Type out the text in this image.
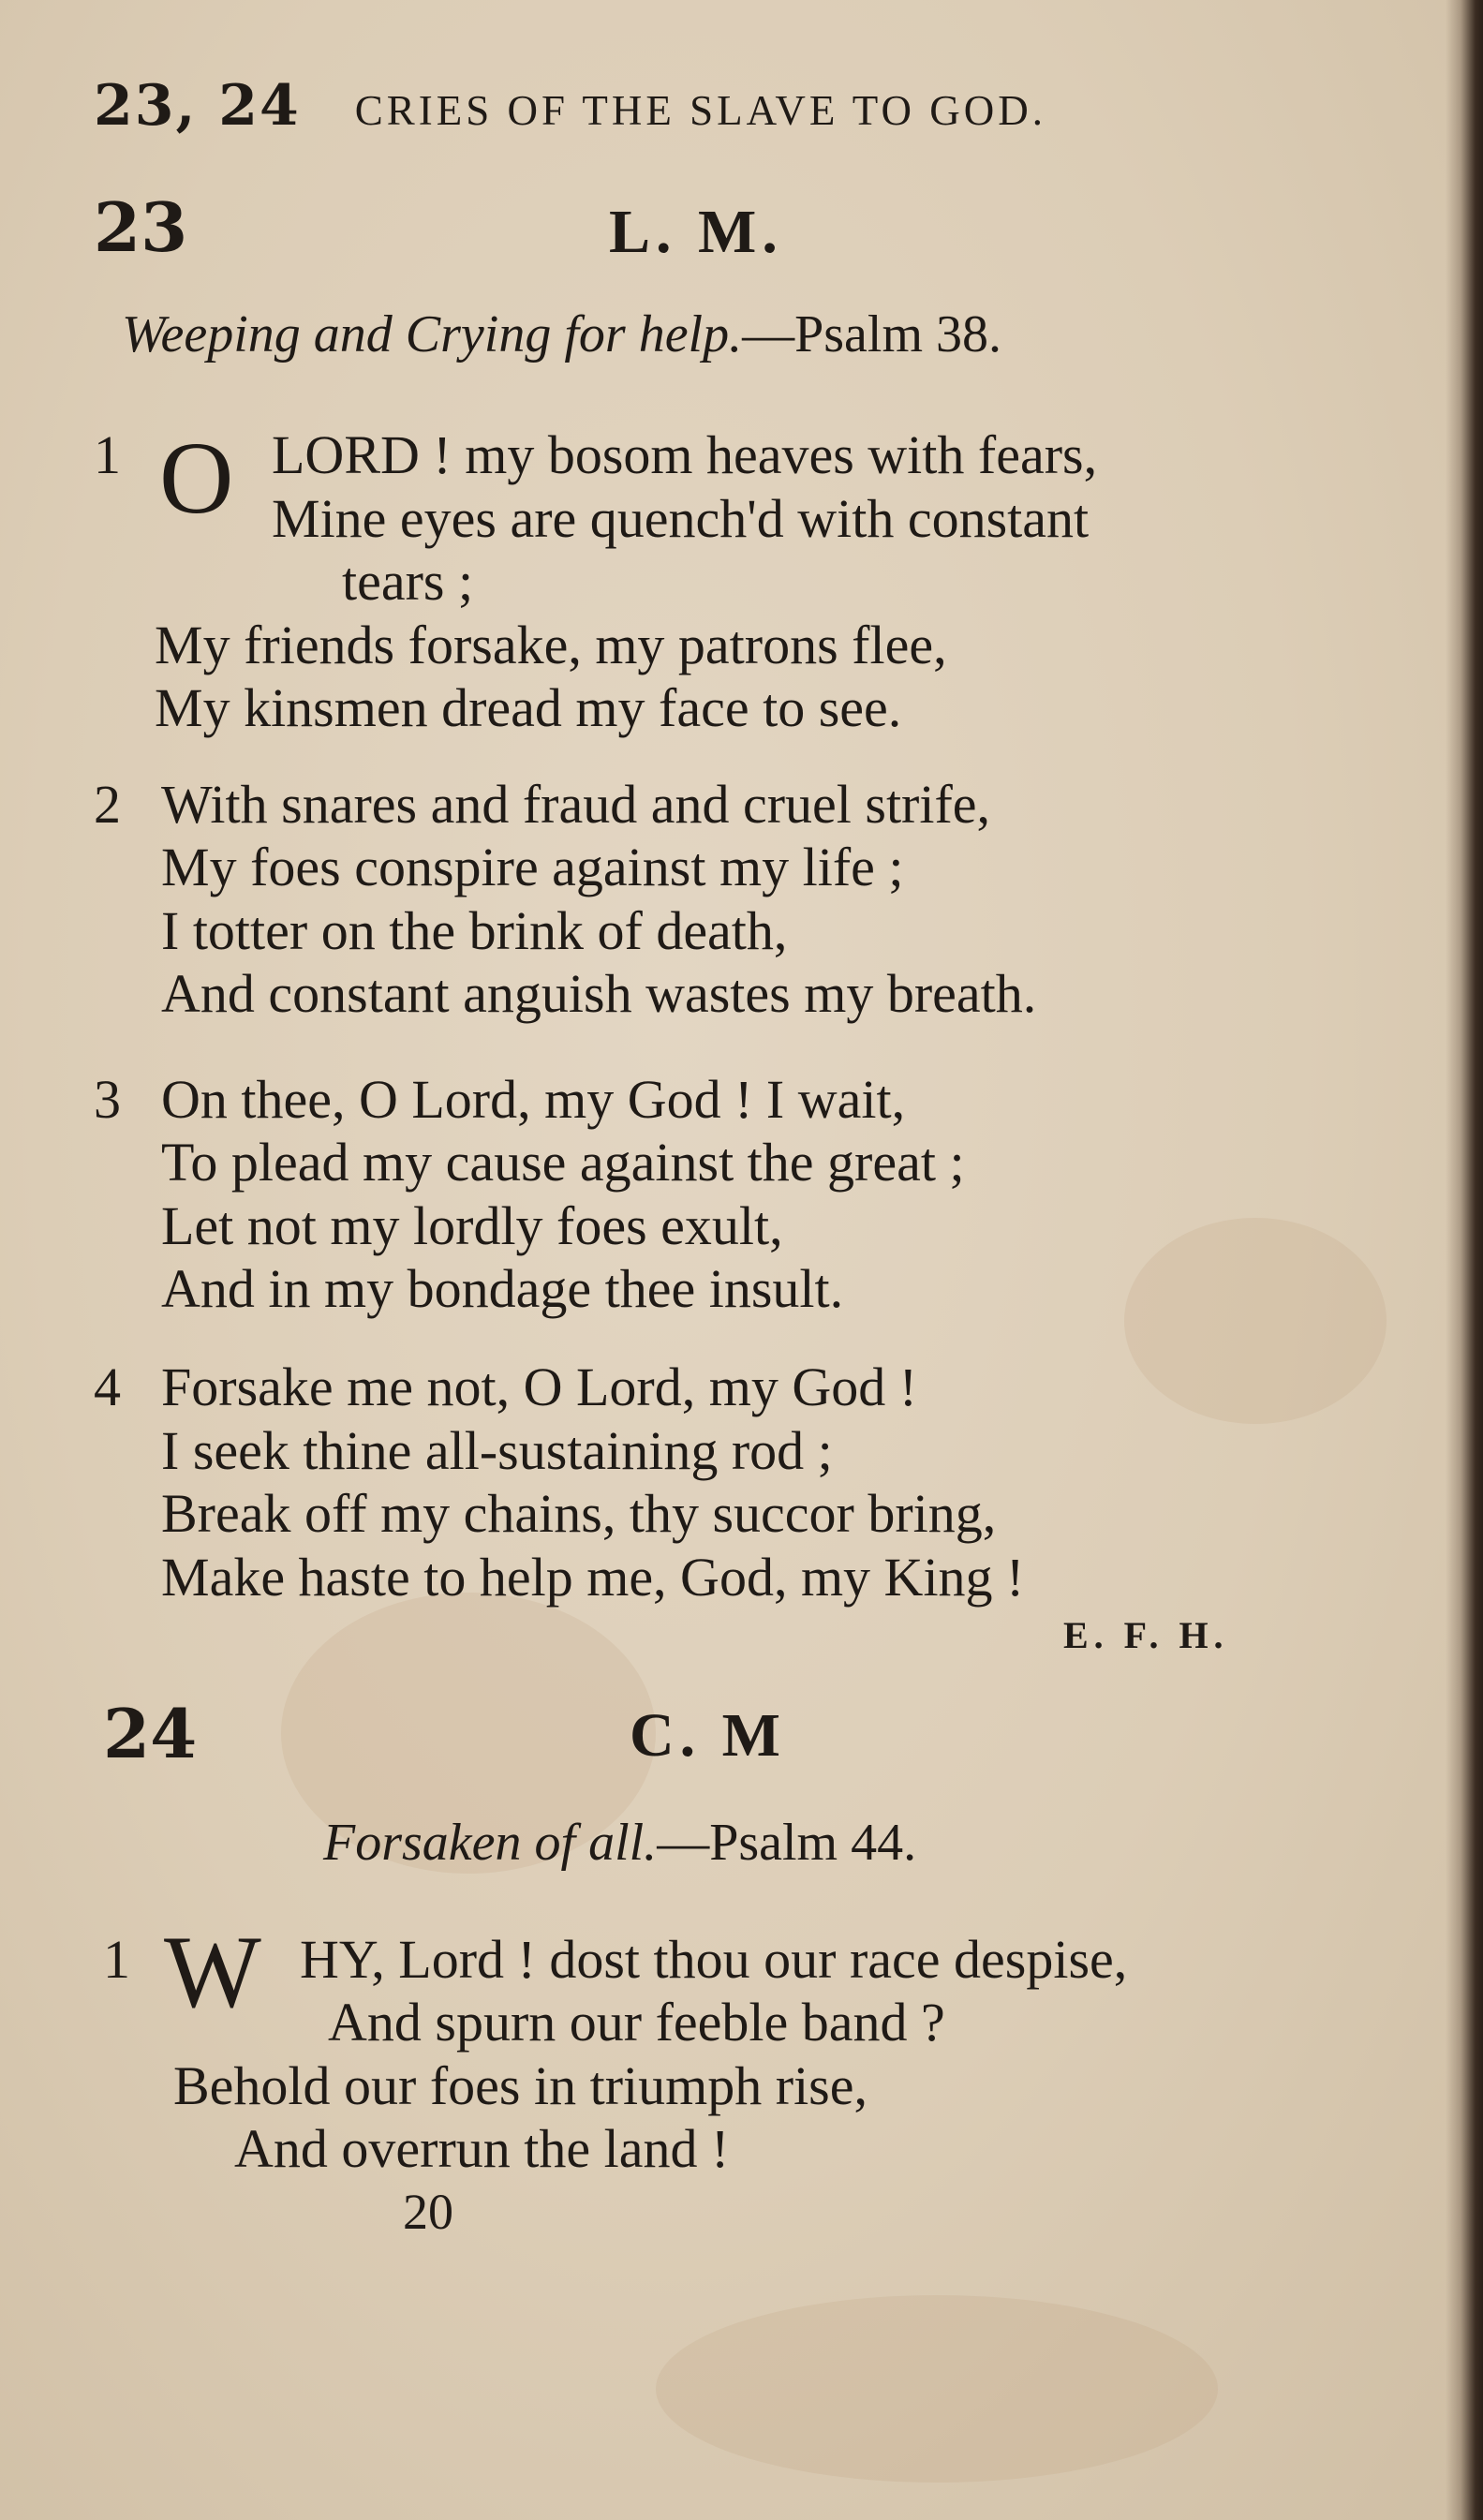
23, 24 CRIES OF THE SLAVE TO GOD.
23	L. M.
Weeping and Crying for help.—Psalm 38.
1 O LORD ! my bosom heaves with fears,
Mine eyes are quench'd with constant
tears ;
My friends forsake, my patrons flee,
My kinsmen dread my face to see.
2 With snares and fraud and cruel strife,
My foes conspire against my life ;
I totter on the brink of death,
And constant anguish wastes my breath.
3 On thee, O Lord, my God ! I wait,
To plead my cause against the great ;
Let not my lordly foes exult,
And in my bondage thee insult.
4 Forsake me not, O Lord, my God !
I seek thine all-sustaining rod ;
Break off my chains, thy succor bring,
Make haste to help me, God, my King !
E. F. H.
24	C. M
Forsaken of all.—Psalm 44.
1 W HY, Lord ! dost thou our race despise,
And spurn our feeble band ?
Behold our foes in triumph rise,
And overrun the land !
20
